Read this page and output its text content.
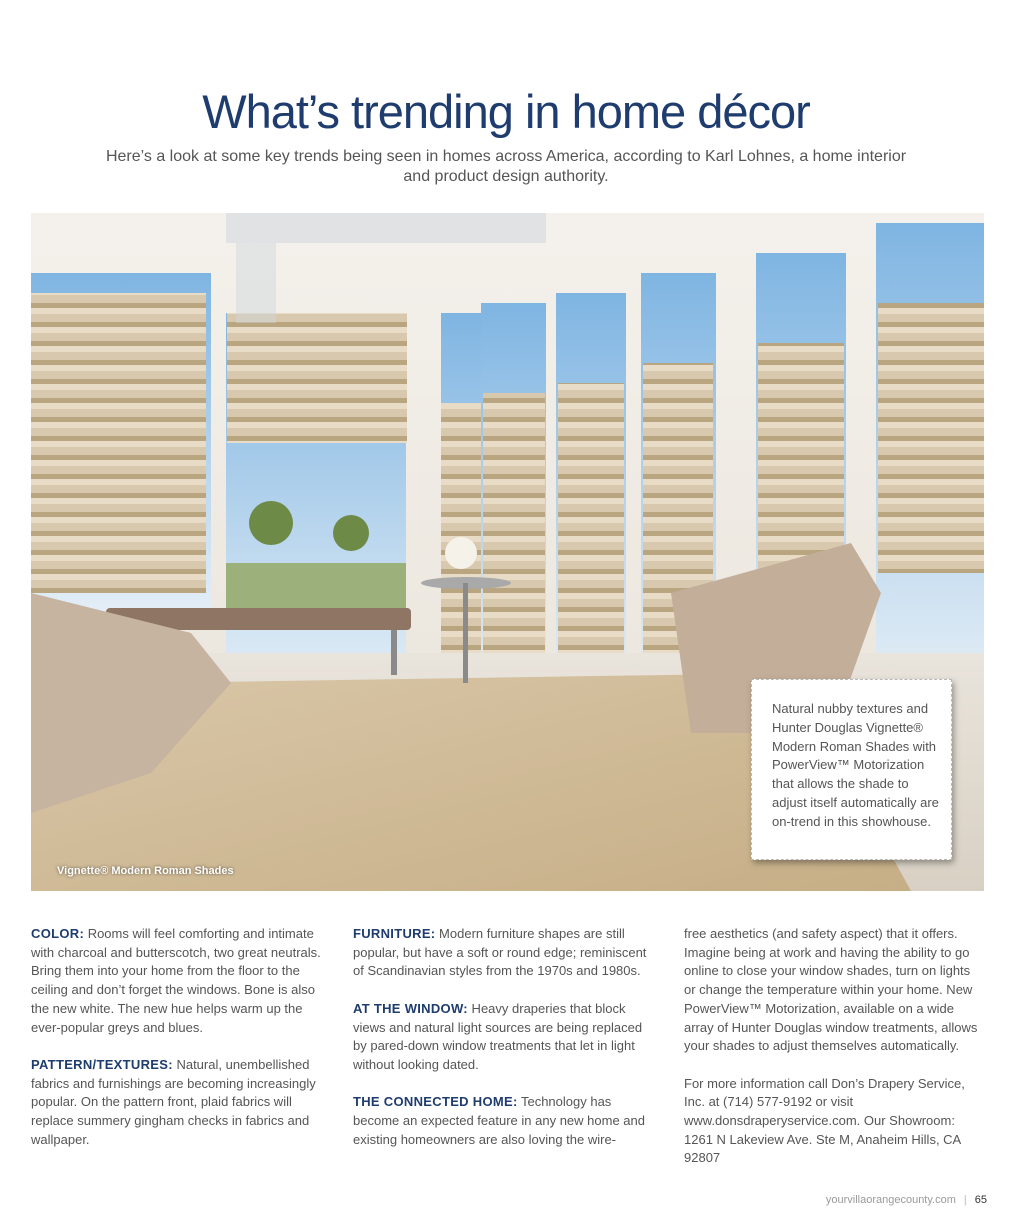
What’s trending in home décor

Here’s a look at some key trends being seen in homes across America, according to Karl Lohnes, a home interior and product design authority.

Vignette® Modern Roman Shades
Natural nubby textures and Hunter Douglas Vignette® Modern Roman Shades with PowerView™ Motorization that allows the shade to adjust itself automatically are on-trend in this showhouse.

COLOR: Rooms will feel comforting and intimate with charcoal and butterscotch, two great neutrals. Bring them into your home from the floor to the ceiling and don’t forget the windows. Bone is also the new white. The new hue helps warm up the ever-popular greys and blues.

PATTERN/TEXTURES: Natural, unembellished fabrics and furnishings are becoming increasingly popular. On the pattern front, plaid fabrics will replace summery gingham checks in fabrics and wallpaper.

FURNITURE: Modern furniture shapes are still popular, but have a soft or round edge; reminiscent of Scandinavian styles from the 1970s and 1980s.

AT THE WINDOW: Heavy draperies that block views and natural light sources are being replaced by pared-down window treatments that let in light without looking dated.

THE CONNECTED HOME: Technology has become an expected feature in any new home and existing homeowners are also loving the wire-

free aesthetics (and safety aspect) that it offers. Imagine being at work and having the ability to go online to close your window shades, turn on lights or change the temperature within your home. New PowerView™ Motorization, available on a wide array of Hunter Douglas window treatments, allows your shades to adjust themselves automatically.

For more information call Don’s Drapery Service, Inc. at (714) 577-9192 or visit www.donsdraperyservice.com. Our Showroom: 1261 N Lakeview Ave. Ste M, Anaheim Hills, CA 92807

yourvillaorangecounty.com | 65
